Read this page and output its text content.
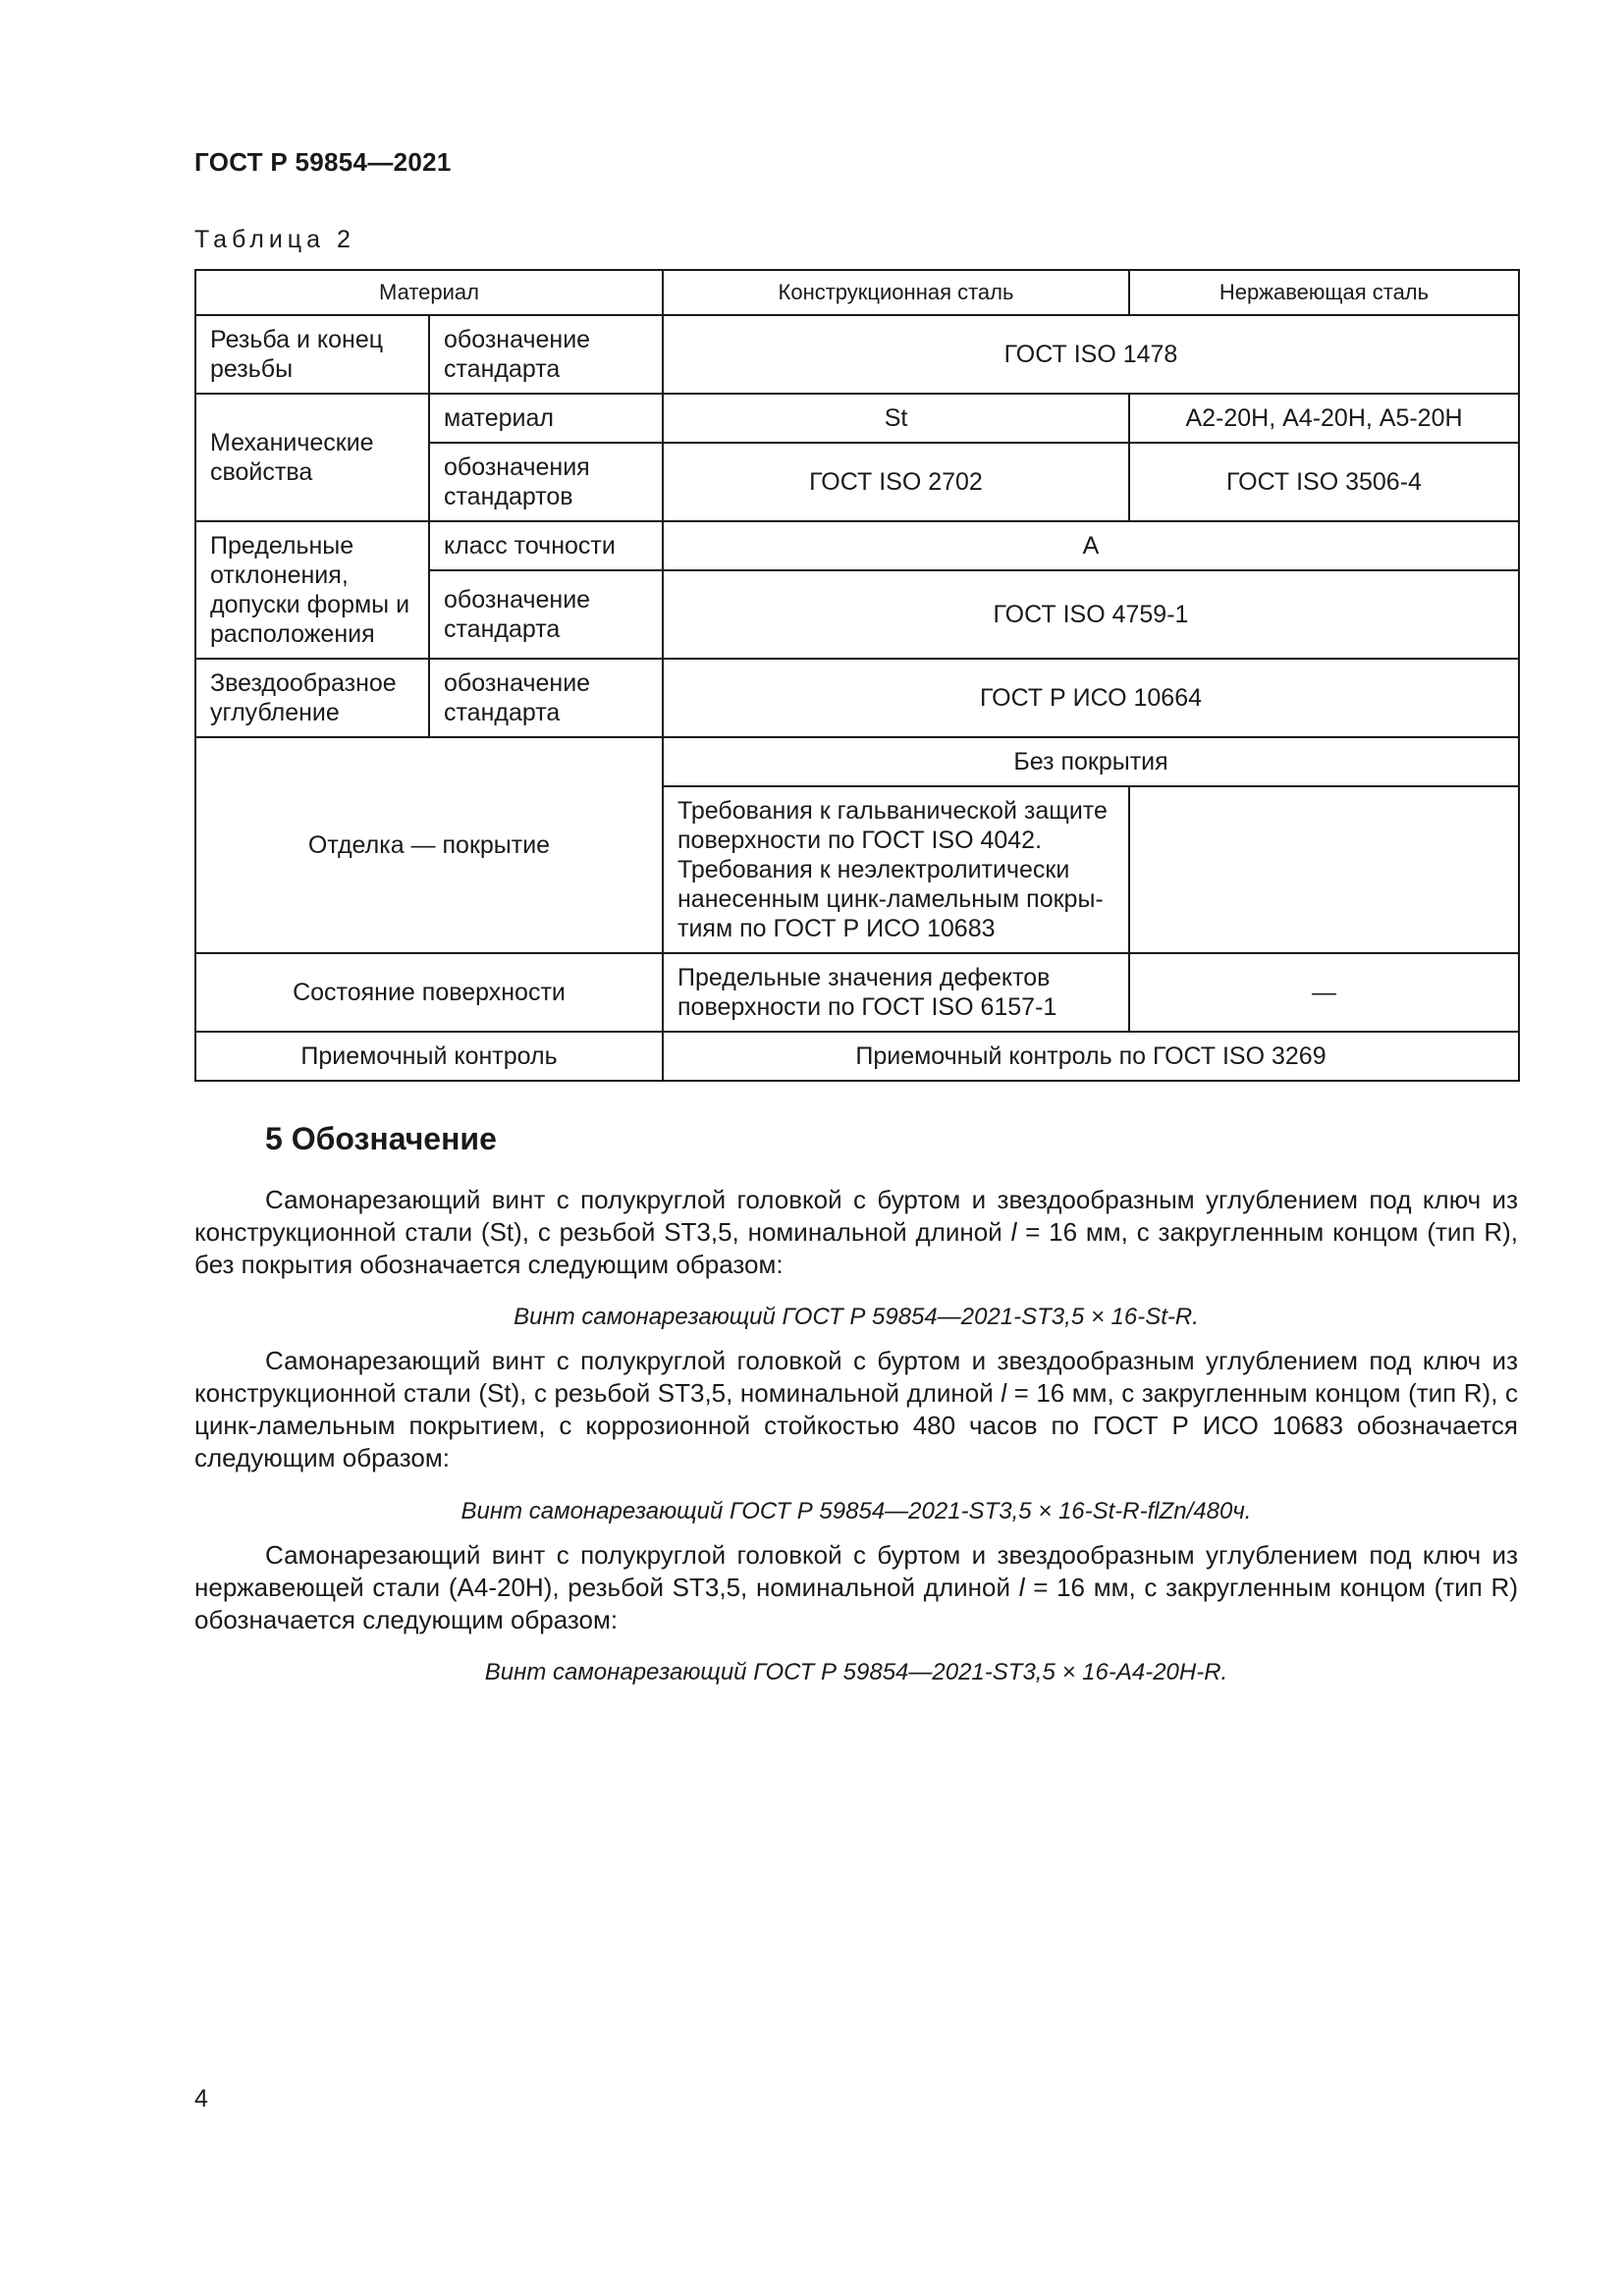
ГОСТ Р 59854—2021
Таблица 2
Материал		Конструкционная сталь	Нержавеющая сталь
Резьба и конец резьбы	обозначение стандарта	ГОСТ ISO 1478	
Механические свойства	материал	St	А2-20Н, А4-20Н, А5-20Н
	обозначения стандартов	ГОСТ ISO 2702	ГОСТ ISO 3506-4
Предельные отклонения, допуски формы и расположения	класс точности	А	
	обозначение стандарта	ГОСТ ISO 4759-1	
Звездообразное углубление	обозначение стандарта	ГОСТ Р ИСО 10664	
Отделка — покрытие		Без покрытия	
		Требования к гальванической защите поверхности по ГОСТ ISO 4042. Требования к неэлектролитически нанесенным цинк-ламельным покры-тиям по ГОСТ Р ИСО 10683	
Состояние поверхности		Предельные значения дефектов поверхности по ГОСТ ISO 6157-1	—
Приемочный контроль		Приемочный контроль по ГОСТ ISO 3269	
5 Обозначение

Самонарезающий винт с полукруглой головкой с буртом и звездообразным углублением под ключ из конструкционной стали (St), с резьбой ST3,5, номинальной длиной l = 16 мм, с закругленным концом (тип R), без покрытия обозначается следующим образом:

Винт самонарезающий ГОСТ Р 59854—2021-ST3,5 × 16-St-R.

Самонарезающий винт с полукруглой головкой с буртом и звездообразным углублением под ключ из конструкционной стали (St), с резьбой ST3,5, номинальной длиной l = 16 мм, с закругленным концом (тип R), с цинк-ламельным покрытием, с коррозионной стойкостью 480 часов по ГОСТ Р ИСО 10683 обозначается следующим образом:

Винт самонарезающий ГОСТ Р 59854—2021-ST3,5 × 16-St-R-flZn/480ч.

Самонарезающий винт с полукруглой головкой с буртом и звездообразным углублением под ключ из нержавеющей стали (А4-20Н), резьбой ST3,5, номинальной длиной l = 16 мм, с закругленным концом (тип R) обозначается следующим образом:

Винт самонарезающий ГОСТ Р 59854—2021-ST3,5 × 16-А4-20Н-R.

4
